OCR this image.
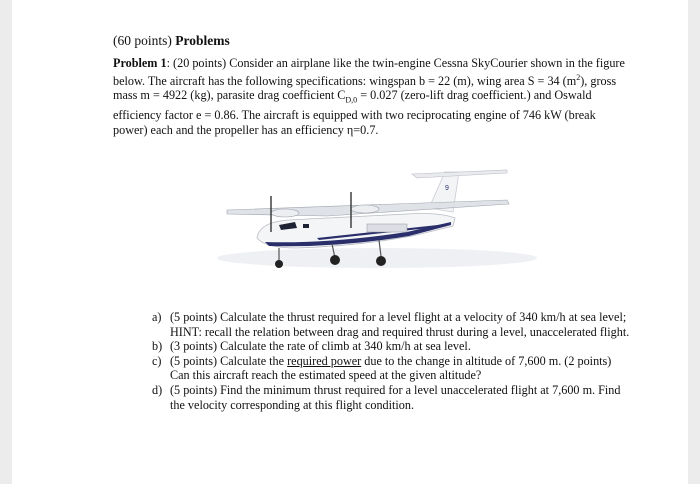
(60 points) Problems
Problem 1: (20 points) Consider an airplane like the twin-engine Cessna SkyCourier shown in the figure below. The aircraft has the following specifications: wingspan b = 22 (m), wing area S = 34 $(m^2)$, gross mass m = 4922 (kg), parasite drag coefficient $C_{D,0} = 0.027$ (zero-lift drag coefficient.) and Oswald efficiency factor e = 0.86. The aircraft is equipped with two reciprocating engine of 746 kW (break power) each and the propeller has an efficiency η=0.7.
9
a) (5 points) Calculate the thrust required for a level flight at a velocity of 340 km/h at sea level; HINT: recall the relation between drag and required thrust during a level, unaccelerated flight.
b) (3 points) Calculate the rate of climb at 340 km/h at sea level.
c) (5 points) Calculate the required power due to the change in altitude of 7,600 m. (2 points) Can this aircraft reach the estimated speed at the given altitude?
d) (5 points) Find the minimum thrust required for a level unaccelerated flight at 7,600 m. Find the velocity corresponding at this flight condition.
